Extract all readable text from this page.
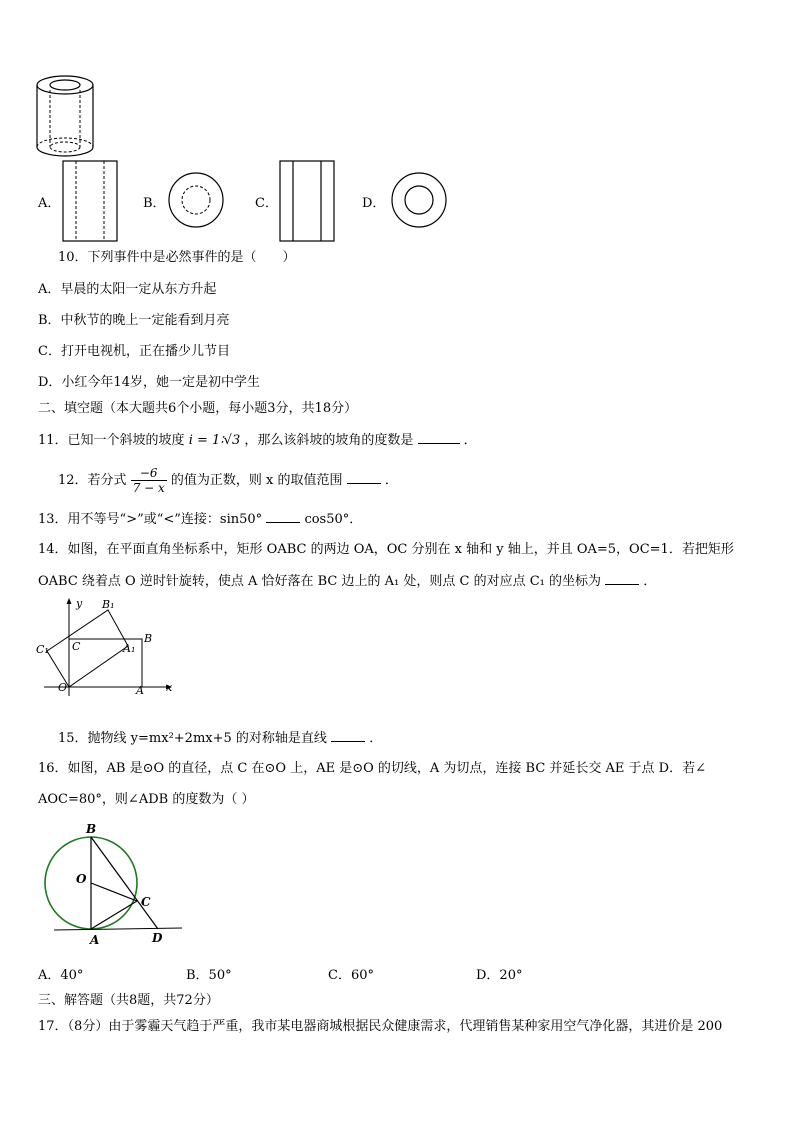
A．	B．	C．	D．
10．下列事件中是必然事件的是（　　）
A．早晨的太阳一定从东方升起
B．中秋节的晚上一定能看到月亮
C．打开电视机，正在播少儿节目
D．小红今年14岁，她一定是初中学生
二、填空题（本大题共6个小题，每小题3分，共18分）
11．已知一个斜坡的坡度 i = 1∶√3 ，那么该斜坡的坡角的度数是	．
12．若分式 $\frac{-6}{7 - x}$ 的值为正数，则 x 的取值范围	．
13．用不等号“>”或“<”连接：sin50°	cos50°．
14．如图，在平面直角坐标系中，矩形 OABC 的两边 OA，OC 分别在 x 轴和 y 轴上，并且 OA=5，OC=1．若把矩形
OABC 绕着点 O 逆时针旋转，使点 A 恰好落在 BC 边上的 A₁ 处，则点 C 的对应点 C₁ 的坐标为	．
y
x
B₁
B
C₁ C	A₁
O	A
15．抛物线 y=mx²+2mx+5 的对称轴是直线	．
16．如图，AB 是⊙O 的直径，点 C 在⊙O 上，AE 是⊙O 的切线，A 为切点，连接 BC 并延长交 AE 于点 D．若∠
AOC=80°，则∠ADB 的度数为（ ）
B
O
C
A	D
A．40°	B．50°	C．60°	D．20°
三、解答题（共8题，共72分）
17．（8分）由于雾霾天气趋于严重，我市某电器商城根据民众健康需求，代理销售某种家用空气净化器，其进价是 200
